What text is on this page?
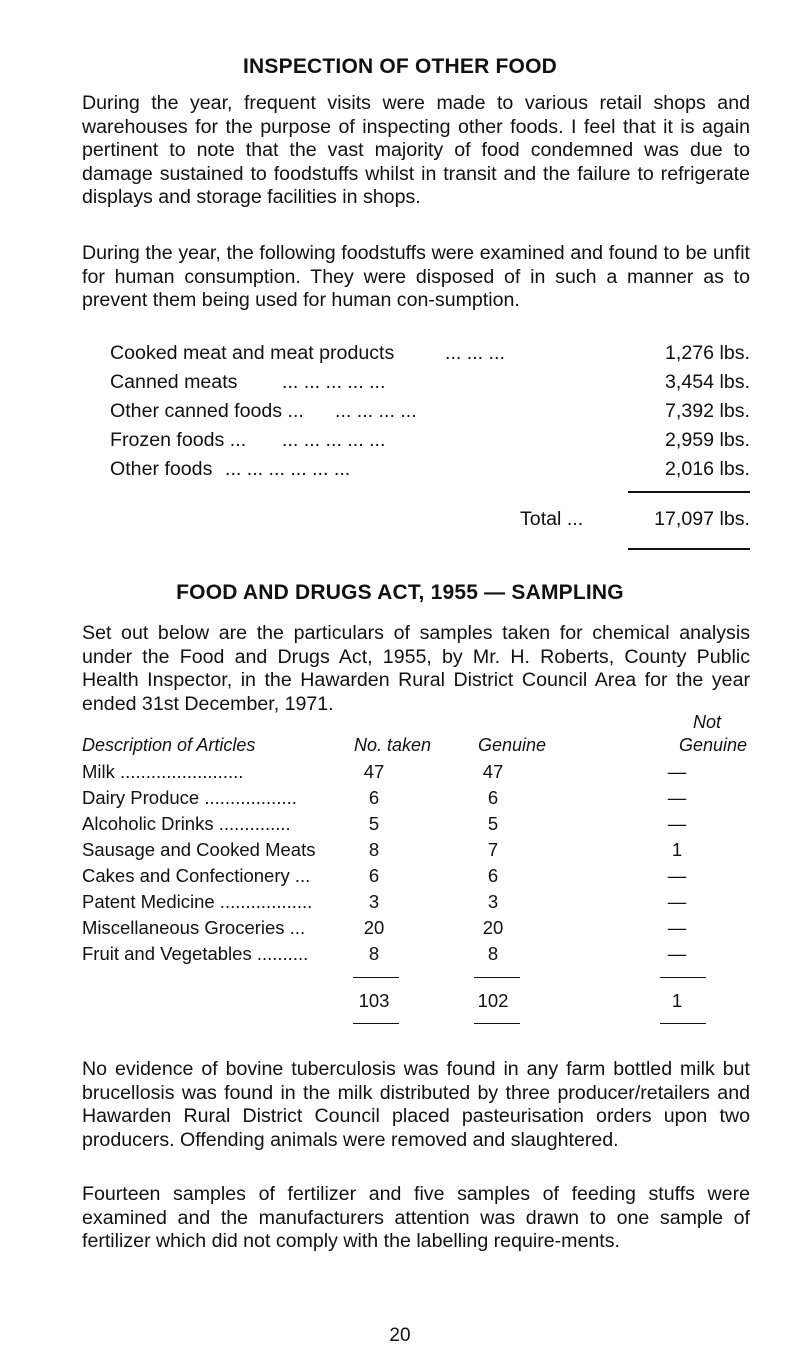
INSPECTION OF OTHER FOOD
During the year, frequent visits were made to various retail shops and warehouses for the purpose of inspecting other foods. I feel that it is again pertinent to note that the vast majority of food condemned was due to damage sustained to foodstuffs whilst in transit and the failure to refrigerate displays and storage facilities in shops.
During the year, the following foodstuffs were examined and found to be unfit for human consumption. They were disposed of in such a manner as to prevent them being used for human con-sumption.
Cooked meat and meat products	... ... ...	1,276 lbs.
Canned meats ... ... ... ... ...	3,454 lbs.
Other canned foods ... ... ... ... ...	7,392 lbs.
Frozen foods ... ... ... ... ... ...	2,959 lbs.
Other foods ... ... ... ... ... ...	2,016 lbs.
Total ...	17,097 lbs.
FOOD AND DRUGS ACT, 1955 — SAMPLING
Set out below are the particulars of samples taken for chemical analysis under the Food and Drugs Act, 1955, by Mr. H. Roberts, County Public Health Inspector, in the Hawarden Rural District Council Area for the year ended 31st December, 1971.
Not
Description of Articles	No. taken	Genuine	Genuine
Milk ........................	47	47	—
Dairy Produce ..................	6	6	—
Alcoholic Drinks ..............	5	5	—
Sausage and Cooked Meats	8	7	1
Cakes and Confectionery ...	6	6	—
Patent Medicine ..................	3	3	—
Miscellaneous Groceries ...	20	20	—
Fruit and Vegetables ..........	8	8	—
103	102	1
No evidence of bovine tuberculosis was found in any farm bottled milk but brucellosis was found in the milk distributed by three producer/retailers and Hawarden Rural District Council placed pasteurisation orders upon two producers. Offending animals were removed and slaughtered.
Fourteen samples of fertilizer and five samples of feeding stuffs were examined and the manufacturers attention was drawn to one sample of fertilizer which did not comply with the labelling require-ments.
20
